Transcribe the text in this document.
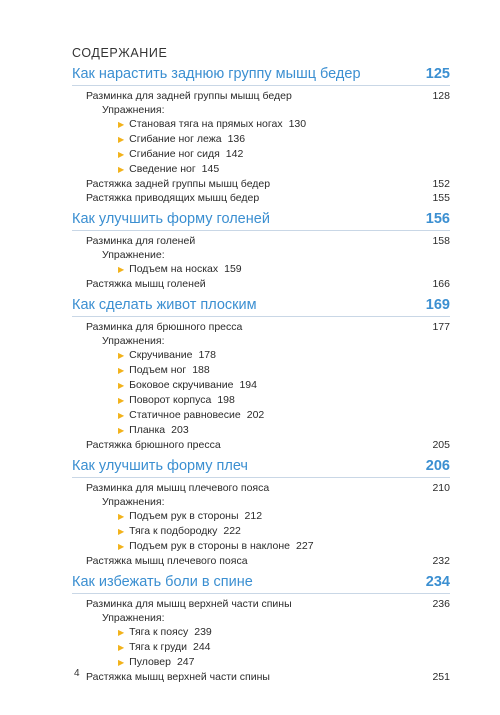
СОДЕРЖАНИЕ
Как нарастить заднюю группу мышц бедер	125
Разминка для задней группы мышц бедер	128
Упражнения:
▶ Становая тяга на прямых ногах 130
▶ Сгибание ног лежа 136
▶ Сгибание ног сидя 142
▶ Сведение ног 145
Растяжка задней группы мышц бедер	152
Растяжка приводящих мышц бедер	155
Как улучшить форму голеней	156
Разминка для голеней	158
Упражнение:
▶ Подъем на носках 159
Растяжка мышц голеней	166
Как сделать живот плоским	169
Разминка для брюшного пресса	177
Упражнения:
▶ Скручивание 178
▶ Подъем ног 188
▶ Боковое скручивание 194
▶ Поворот корпуса 198
▶ Статичное равновесие 202
▶ Планка 203
Растяжка брюшного пресса	205
Как улучшить форму плеч	206
Разминка для мышц плечевого пояса	210
Упражнения:
▶ Подъем рук в стороны 212
▶ Тяга к подбородку 222
▶ Подъем рук в стороны в наклоне 227
Растяжка мышц плечевого пояса	232
Как избежать боли в спине	234
Разминка для мышц верхней части спины	236
Упражнения:
▶ Тяга к поясу 239
▶ Тяга к груди 244
▶ Пуловер 247
Растяжка мышц верхней части спины	251
4
